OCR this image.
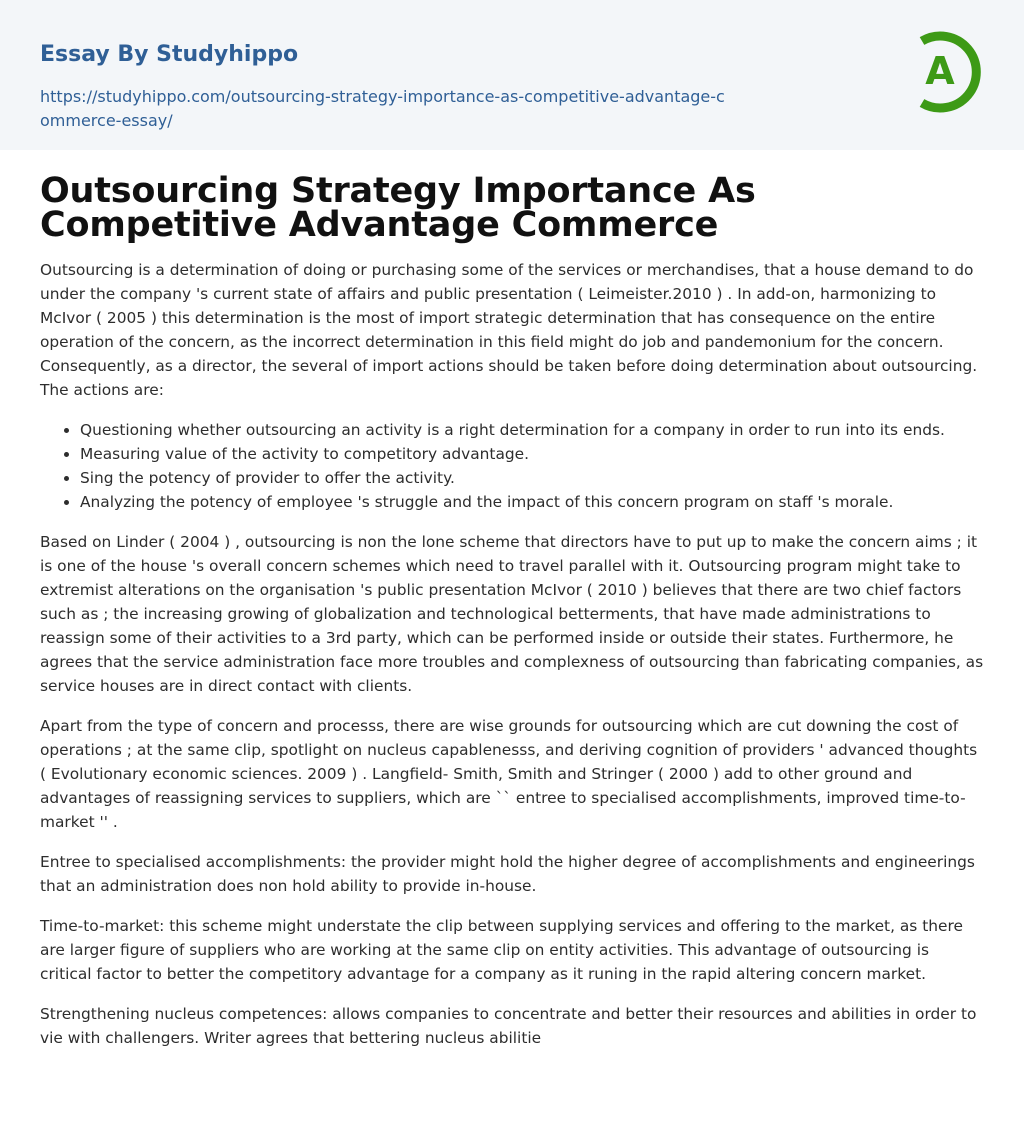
Essay By Studyhippo
https://studyhippo.com/outsourcing-strategy-importance-as-competitive-advantage-commerce-essay/
A
Outsourcing Strategy Importance As Competitive Advantage Commerce

Outsourcing is a determination of doing or purchasing some of the services or merchandises, that a house demand to do under the company 's current state of affairs and public presentation ( Leimeister.2010 ) . In add-on, harmonizing to McIvor ( 2005 ) this determination is the most of import strategic determination that has consequence on the entire operation of the concern, as the incorrect determination in this field might do job and pandemonium for the concern. Consequently, as a director, the several of import actions should be taken before doing determination about outsourcing. The actions are:

• Questioning whether outsourcing an activity is a right determination for a company in order to run into its ends.
• Measuring value of the activity to competitory advantage.
• Sing the potency of provider to offer the activity.
• Analyzing the potency of employee 's struggle and the impact of this concern program on staff 's morale.

Based on Linder ( 2004 ) , outsourcing is non the lone scheme that directors have to put up to make the concern aims ; it is one of the house 's overall concern schemes which need to travel parallel with it. Outsourcing program might take to extremist alterations on the organisation 's public presentation McIvor ( 2010 ) believes that there are two chief factors such as ; the increasing growing of globalization and technological betterments, that have made administrations to reassign some of their activities to a 3rd party, which can be performed inside or outside their states. Furthermore, he agrees that the service administration face more troubles and complexness of outsourcing than fabricating companies, as service houses are in direct contact with clients.

Apart from the type of concern and processs, there are wise grounds for outsourcing which are cut downing the cost of operations ; at the same clip, spotlight on nucleus capablenesss, and deriving cognition of providers ' advanced thoughts ( Evolutionary economic sciences. 2009 ) . Langfield- Smith, Smith and Stringer ( 2000 ) add to other ground and advantages of reassigning services to suppliers, which are `` entree to specialised accomplishments, improved time-to-market '' .

Entree to specialised accomplishments: the provider might hold the higher degree of accomplishments and engineerings that an administration does non hold ability to provide in-house.

Time-to-market: this scheme might understate the clip between supplying services and offering to the market, as there are larger figure of suppliers who are working at the same clip on entity activities. This advantage of outsourcing is critical factor to better the competitory advantage for a company as it runing in the rapid altering concern market.

Strengthening nucleus competences: allows companies to concentrate and better their resources and abilities in order to vie with challengers. Writer agrees that bettering nucleus abilitie
